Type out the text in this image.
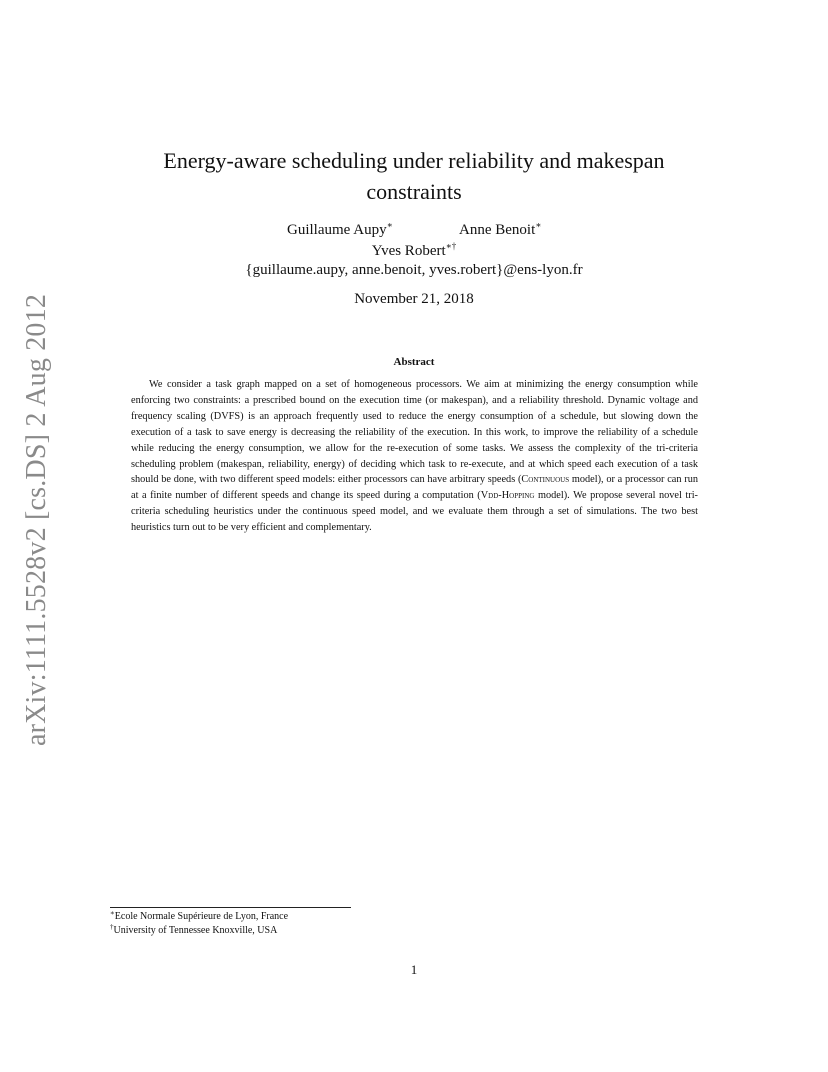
arXiv:1111.5528v2 [cs.DS] 2 Aug 2012
Energy-aware scheduling under reliability and makespan
constraints
Guillaume Aupy∗	Anne Benoit∗
Yves Robert∗†
{guillaume.aupy, anne.benoit, yves.robert}@ens-lyon.fr
November 21, 2018
Abstract

We consider a task graph mapped on a set of homogeneous processors. We aim at minimizing the energy consumption while enforcing two constraints: a prescribed bound on the execution time (or makespan), and a reliability threshold. Dynamic voltage and frequency scaling (DVFS) is an approach frequently used to reduce the energy consumption of a schedule, but slowing down the execution of a task to save energy is decreasing the reliability of the execution. In this work, to improve the reliability of a schedule while reducing the energy consumption, we allow for the re-execution of some tasks. We assess the complexity of the tri-criteria scheduling problem (makespan, reliability, energy) of deciding which task to re-execute, and at which speed each execution of a task should be done, with two different speed models: either processors can have arbitrary speeds (Continuous model), or a processor can run at a finite number of different speeds and change its speed during a computation (Vdd-Hopping model). We propose several novel tri-criteria scheduling heuristics under the continuous speed model, and we evaluate them through a set of simulations. The two best heuristics turn out to be very efficient and complementary.

∗Ecole Normale Supérieure de Lyon, France
†University of Tennessee Knoxville, USA
1
